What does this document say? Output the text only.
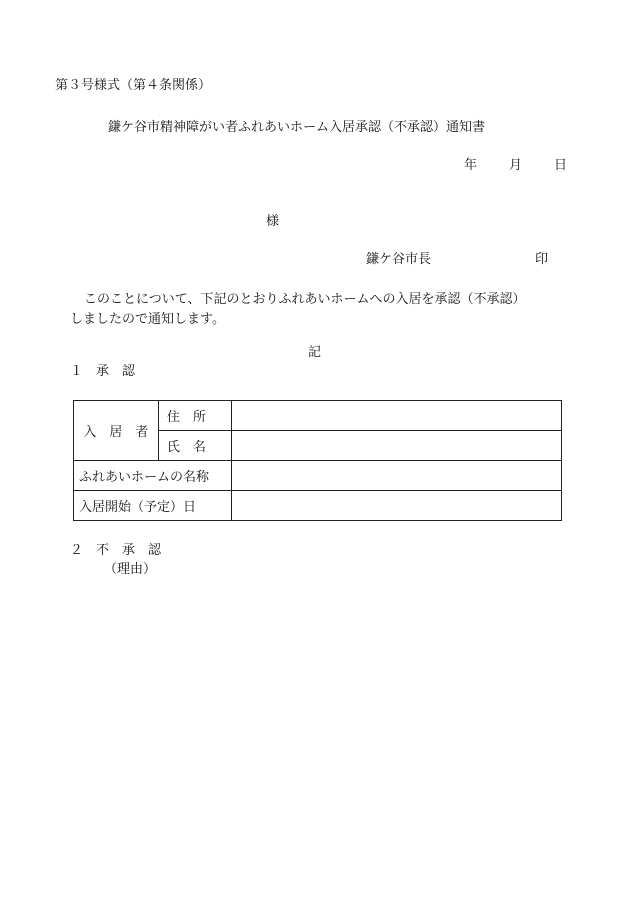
第３号様式（第４条関係）
鎌ケ谷市精神障がい者ふれあいホーム入居承認（不承認）通知書
年 月 日
様
鎌ケ谷市長	印
このことについて、下記のとおりふれあいホームへの入居を承認（不承認）
しましたので通知します。
記
１　承　認
入　居　者	住　所	
	氏　名	
ふれあいホームの名称		
入居開始（予定）日		
２　不　承　認
（理由）
